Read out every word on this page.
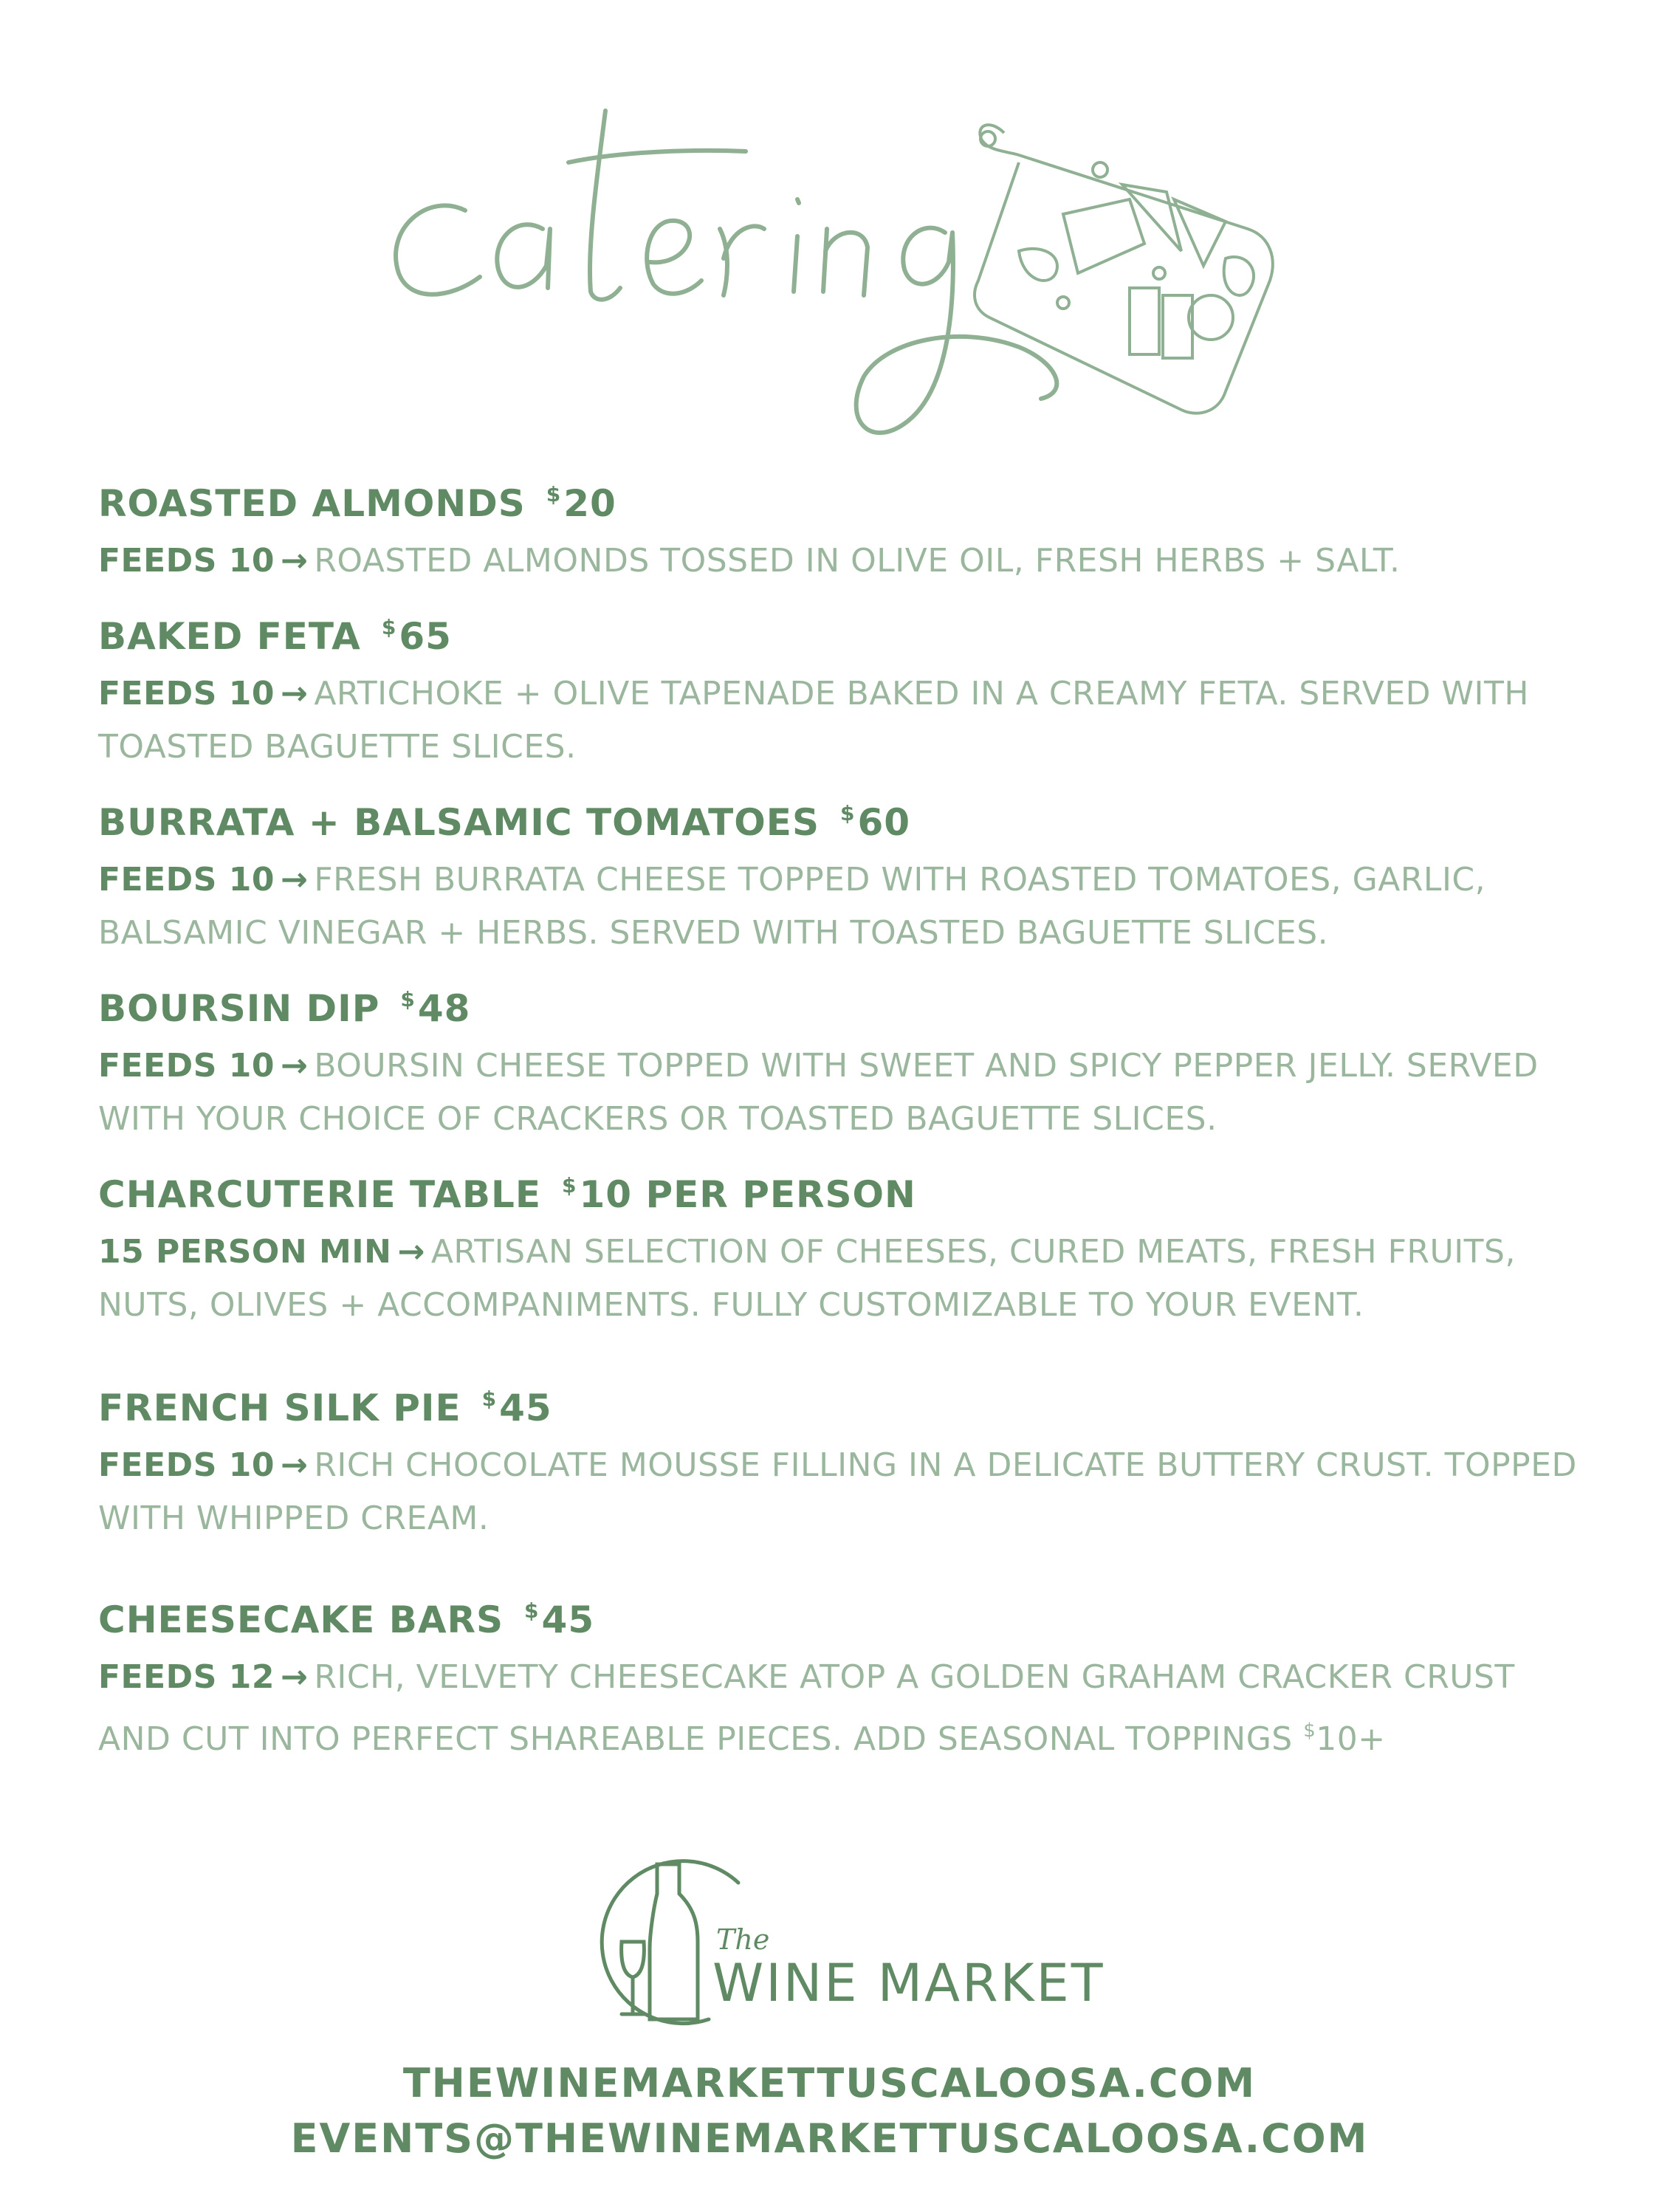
ROASTED ALMONDS $20
FEEDS 10 → ROASTED ALMONDS TOSSED IN OLIVE OIL, FRESH HERBS + SALT.
BAKED FETA $65
FEEDS 10 → ARTICHOKE + OLIVE TAPENADE BAKED IN A CREAMY FETA. SERVED WITH TOASTED BAGUETTE SLICES.
BURRATA + BALSAMIC TOMATOES $60
FEEDS 10 → FRESH BURRATA CHEESE TOPPED WITH ROASTED TOMATOES, GARLIC, BALSAMIC VINEGAR + HERBS. SERVED WITH TOASTED BAGUETTE SLICES.
BOURSIN DIP $48
FEEDS 10 → BOURSIN CHEESE TOPPED WITH SWEET AND SPICY PEPPER JELLY. SERVED WITH YOUR CHOICE OF CRACKERS OR TOASTED BAGUETTE SLICES.
CHARCUTERIE TABLE $10 PER PERSON
15 PERSON MIN → ARTISAN SELECTION OF CHEESES, CURED MEATS, FRESH FRUITS, NUTS, OLIVES + ACCOMPANIMENTS. FULLY CUSTOMIZABLE TO YOUR EVENT.
FRENCH SILK PIE $45
FEEDS 10 → RICH CHOCOLATE MOUSSE FILLING IN A DELICATE BUTTERY CRUST. TOPPED WITH WHIPPED CREAM.
CHEESECAKE BARS $45
FEEDS 12 → RICH, VELVETY CHEESECAKE ATOP A GOLDEN GRAHAM CRACKER CRUST AND CUT INTO PERFECT SHAREABLE PIECES. ADD SEASONAL TOPPINGS $10+
The
WINE MARKET
THEWINEMARKETTUSCALOOSA.COM
EVENTS@THEWINEMARKETTUSCALOOSA.COM
